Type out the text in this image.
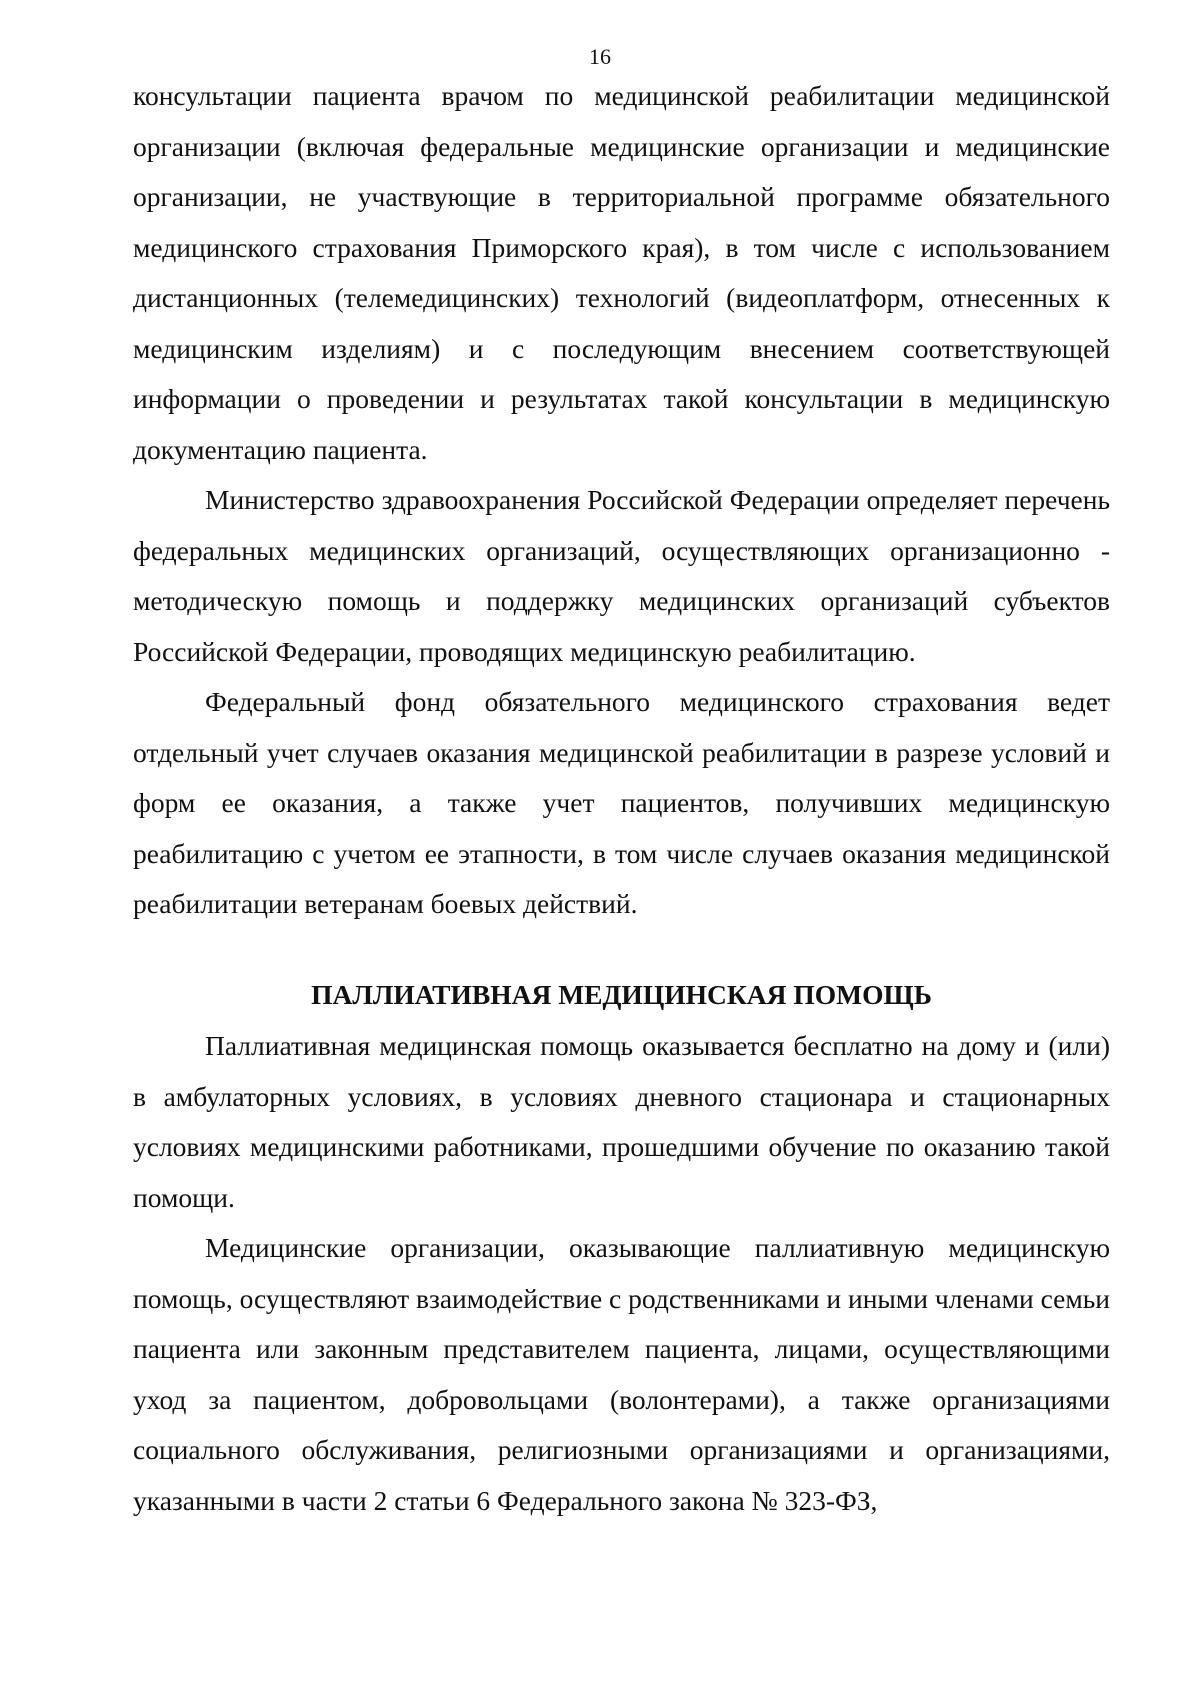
16

консультации пациента врачом по медицинской реабилитации медицинской организации (включая федеральные медицинские организации и медицинские организации, не участвующие в территориальной программе обязательного медицинского страхования Приморского края), в том числе с использованием дистанционных (телемедицинских) технологий (видеоплатформ, отнесенных к медицинским изделиям) и с последующим внесением соответствующей информации о проведении и результатах такой консультации в медицинскую документацию пациента.

Министерство здравоохранения Российской Федерации определяет перечень федеральных медицинских организаций, осуществляющих организационно - методическую помощь и поддержку медицинских организаций субъектов Российской Федерации, проводящих медицинскую реабилитацию.

Федеральный фонд обязательного медицинского страхования ведет отдельный учет случаев оказания медицинской реабилитации в разрезе условий и форм ее оказания, а также учет пациентов, получивших медицинскую реабилитацию с учетом ее этапности, в том числе случаев оказания медицинской реабилитации ветеранам боевых действий.

ПАЛЛИАТИВНАЯ МЕДИЦИНСКАЯ ПОМОЩЬ

Паллиативная медицинская помощь оказывается бесплатно на дому и (или) в амбулаторных условиях, в условиях дневного стационара и стационарных условиях медицинскими работниками, прошедшими обучение по оказанию такой помощи.

Медицинские организации, оказывающие паллиативную медицинскую помощь, осуществляют взаимодействие с родственниками и иными членами семьи пациента или законным представителем пациента, лицами, осуществляющими уход за пациентом, добровольцами (волонтерами), а также организациями социального обслуживания, религиозными организациями и организациями, указанными в части 2 статьи 6 Федерального закона № 323-ФЗ,
